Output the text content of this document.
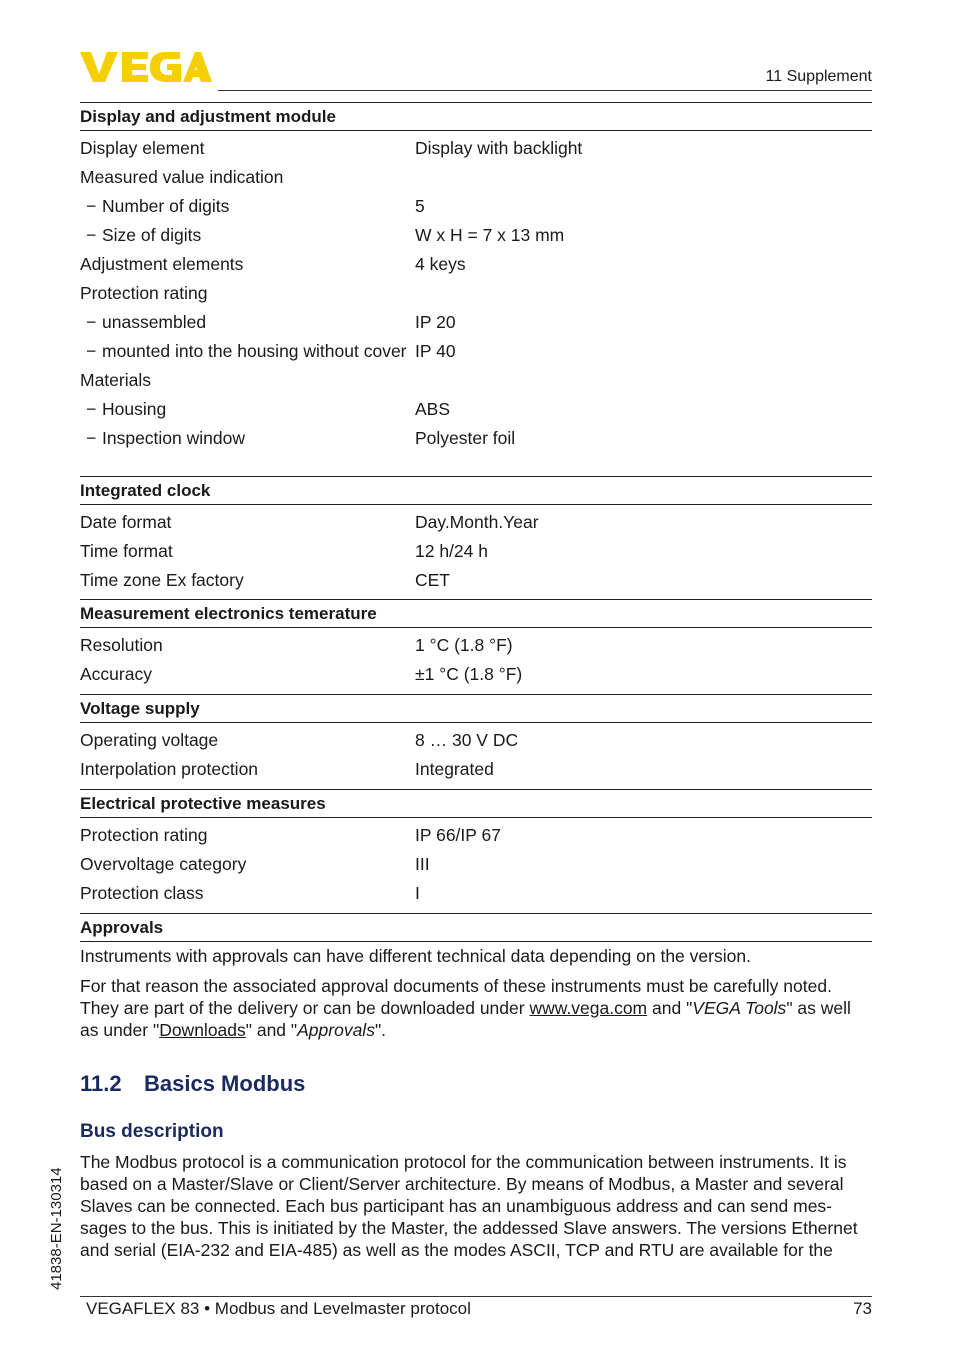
11 Supplement
Display and adjustment module
Display element	Display with backlight
Measured value indication
− Number of digits	5
− Size of digits	W x H = 7 x 13 mm
Adjustment elements	4 keys
Protection rating
− unassembled	IP 20
− mounted into the housing without cover IP 40
Materials
− Housing	ABS
− Inspection window	Polyester foil
Integrated clock
Date format	Day.Month.Year
Time format	12 h/24 h
Time zone Ex factory	CET
Measurement electronics temerature
Resolution	1 °C (1.8 °F)
Accuracy	±1 °C (1.8 °F)
Voltage supply
Operating voltage	8 … 30 V DC
Interpolation protection	Integrated
Electrical protective measures
Protection rating	IP 66/IP 67
Overvoltage category	III
Protection class	I
Approvals

Instruments with approvals can have different technical data depending on the version.

For that reason the associated approval documents of these instruments must be carefully noted. They are part of the delivery or can be downloaded under www.vega.com and "VEGA Tools" as well as under "Downloads" and "Approvals".

11.2 Basics Modbus
Bus description
The Modbus protocol is a communication protocol for the communication between instruments. It is based on a Master/Slave or Client/Server architecture. By means of Modbus, a Master and several Slaves can be connected. Each bus participant has an unambiguous address and can send mes-sages to the bus. This is initiated by the Master, the addessed Slave answers. The versions Ethernet and serial (EIA-232 and EIA-485) as well as the modes ASCII, TCP and RTU are available for the
41838-EN-130314
VEGAFLEX 83 • Modbus and Levelmaster protocol	73
